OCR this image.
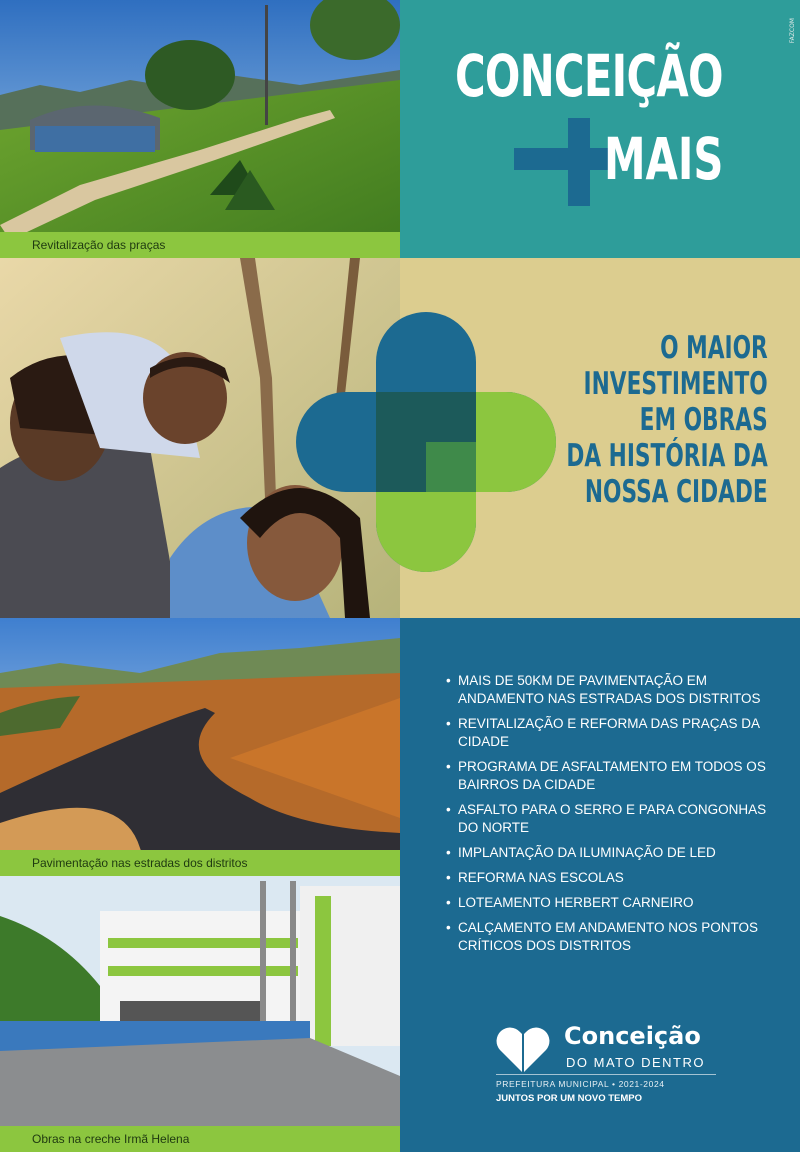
Revitalização das praças
Pavimentação nas estradas dos distritos
Obras na creche Irmã Helena
CONCEIÇÃO
MAIS
FAZCOM
O MAIOR
INVESTIMENTO
EM OBRAS
DA HISTÓRIA DA
NOSSA CIDADE
• MAIS DE 50KM DE PAVIMENTAÇÃO EM ANDAMENTO NAS ESTRADAS DOS DISTRITOS
• REVITALIZAÇÃO E REFORMA DAS PRAÇAS DA CIDADE
• PROGRAMA DE ASFALTAMENTO EM TODOS OS BAIRROS DA CIDADE
• ASFALTO PARA O SERRO E PARA CONGONHAS DO NORTE
• IMPLANTAÇÃO DA ILUMINAÇÃO DE LED
• REFORMA NAS ESCOLAS
• LOTEAMENTO HERBERT CARNEIRO
• CALÇAMENTO EM ANDAMENTO NOS PONTOS CRÍTICOS DOS DISTRITOS
Conceição
DO MATO DENTRO
PREFEITURA MUNICIPAL • 2021-2024
JUNTOS POR UM NOVO TEMPO
